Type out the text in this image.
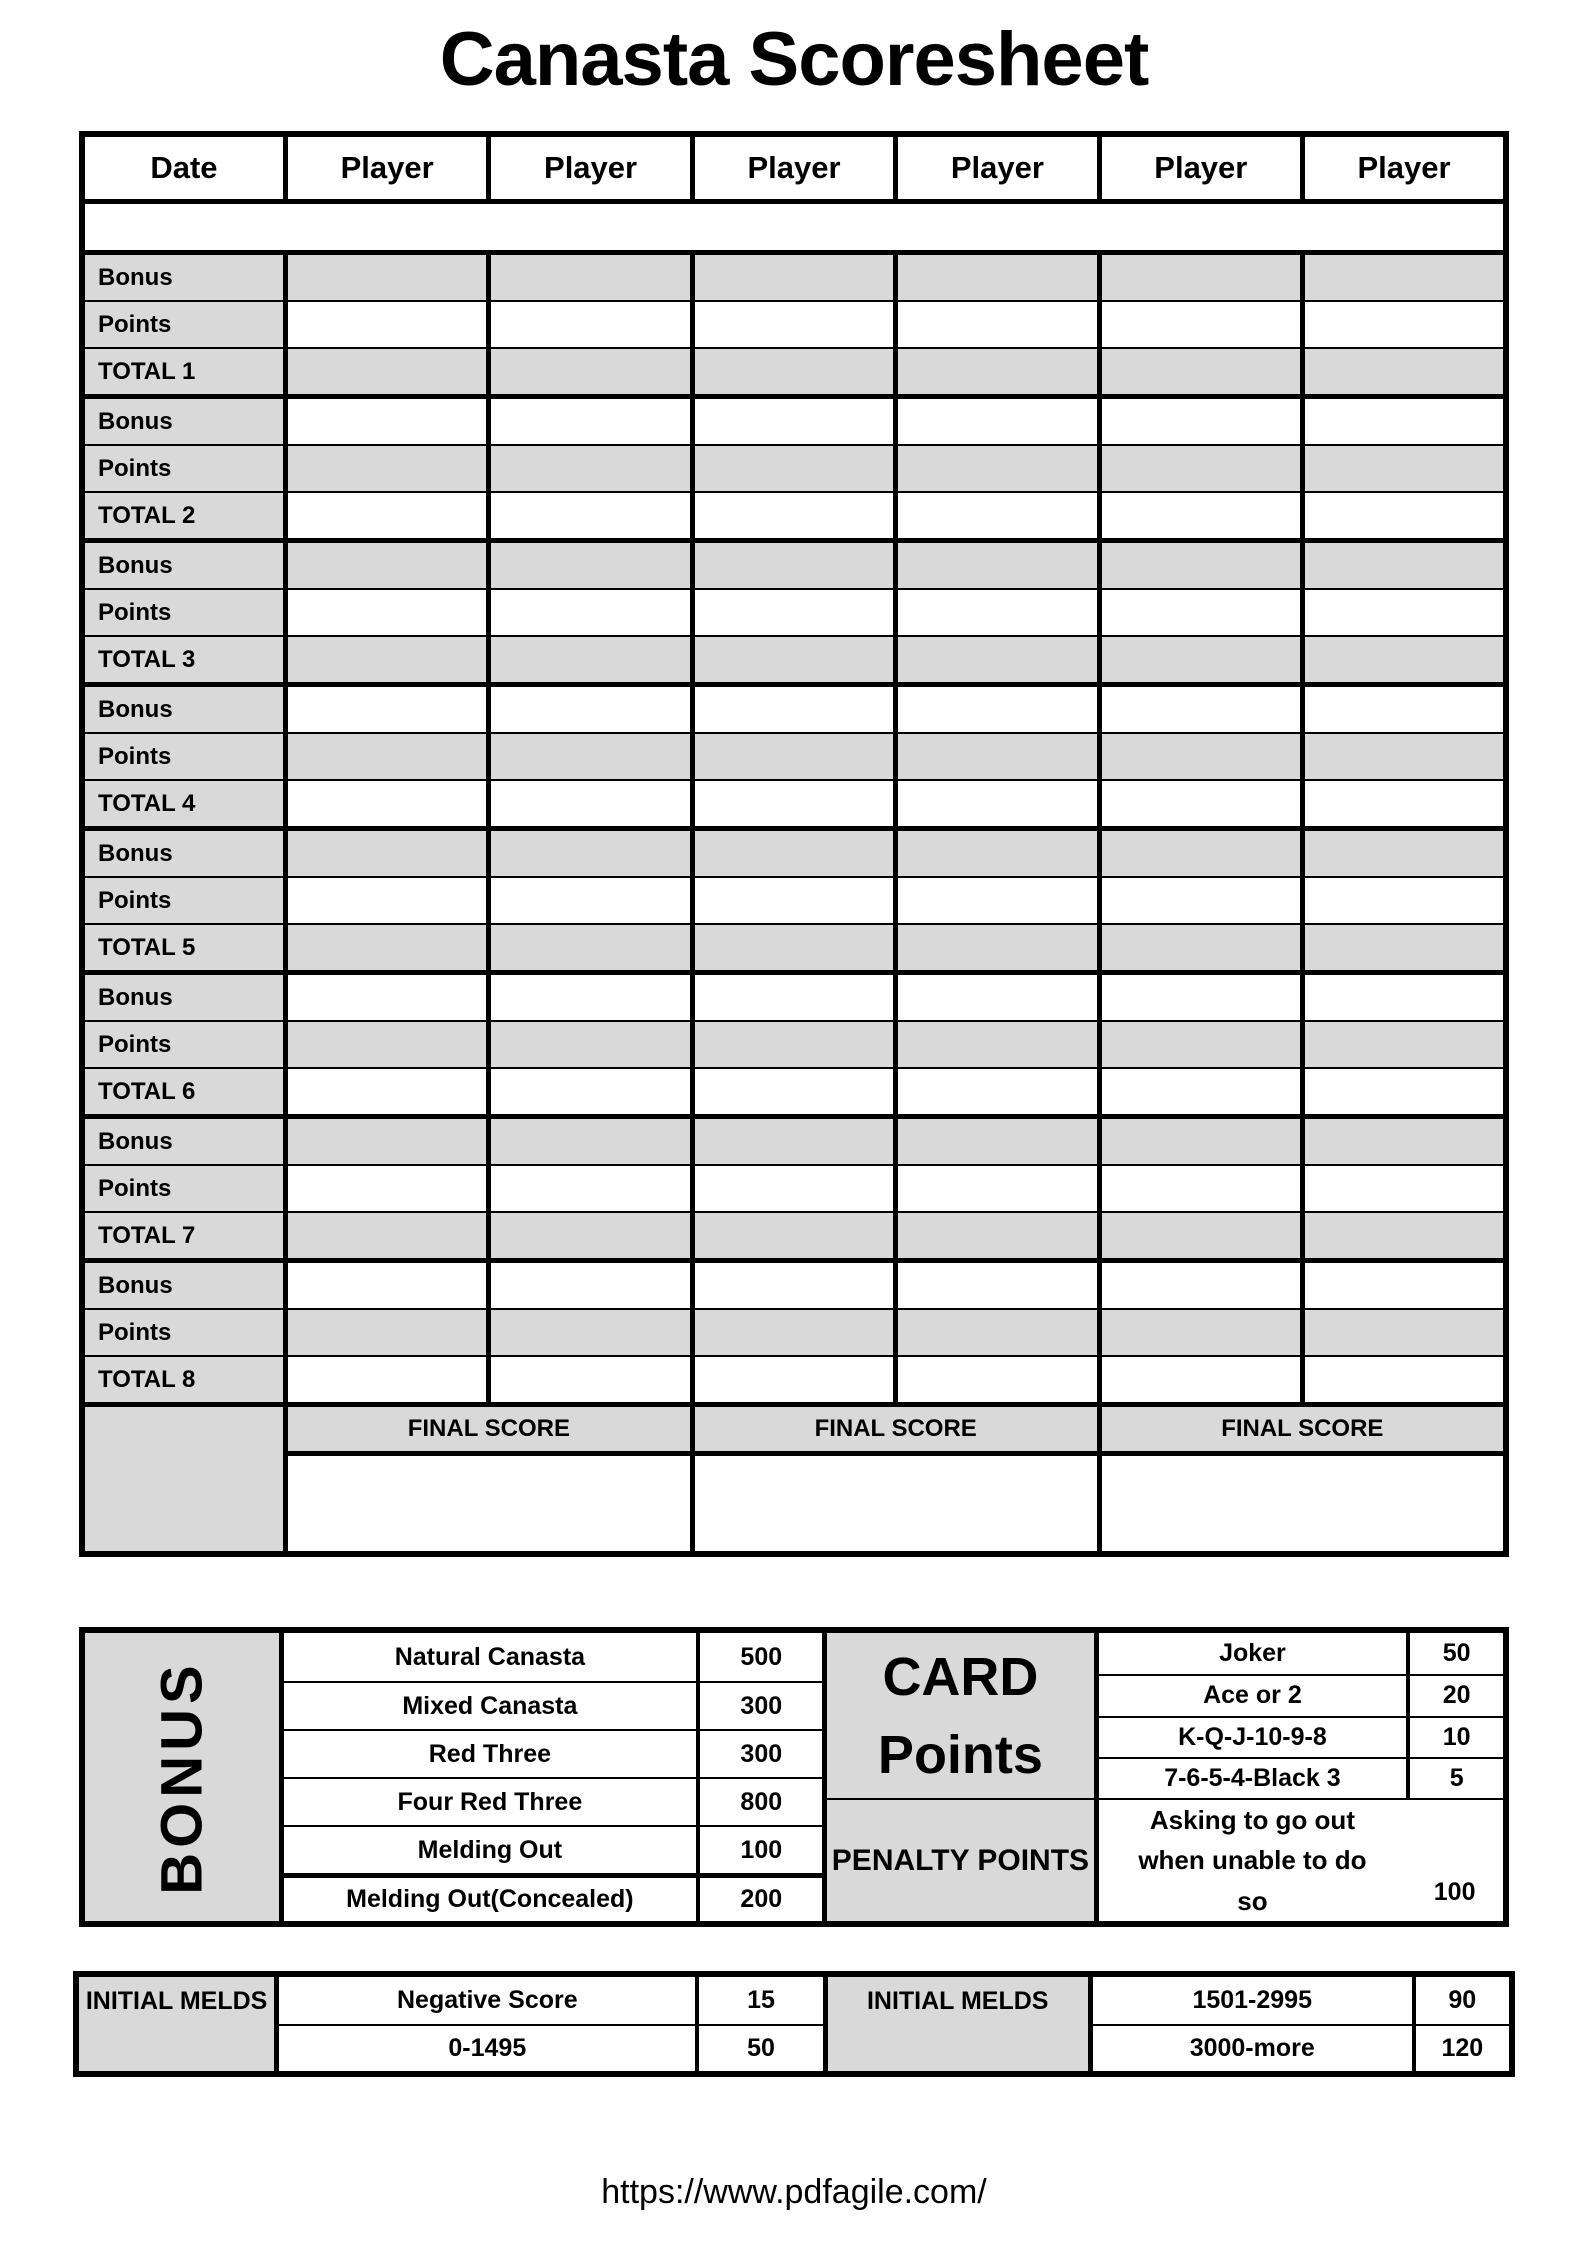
Canasta Scoresheet
Date	Player	Player	Player	Player	Player	Player

Bonus						
Points						
TOTAL 1						
Bonus						
Points						
TOTAL 2						
Bonus						
Points						
TOTAL 3						
Bonus						
Points						
TOTAL 4						
Bonus						
Points						
TOTAL 5						
Bonus						
Points						
TOTAL 6						
Bonus						
Points						
TOTAL 7						
Bonus						
Points						
TOTAL 8						
	FINAL SCORE		FINAL SCORE		FINAL SCORE	

BONUS
Natural Canasta	500
Mixed Canasta	300
Red Three	300
Four Red Three	800
Melding Out	100
Melding Out(Concealed)	200
CARD
Points
PENALTY POINTS
Asking to go out when unable to do so	100
Joker	50
Ace or 2	20
K-Q-J-10-9-8	10
7-6-5-4-Black 3	5
INITIAL MELDS	Negative Score	15
0-1495	50
INITIAL MELDS	1501-2995	90
3000-more	120
https://www.pdfagile.com/
